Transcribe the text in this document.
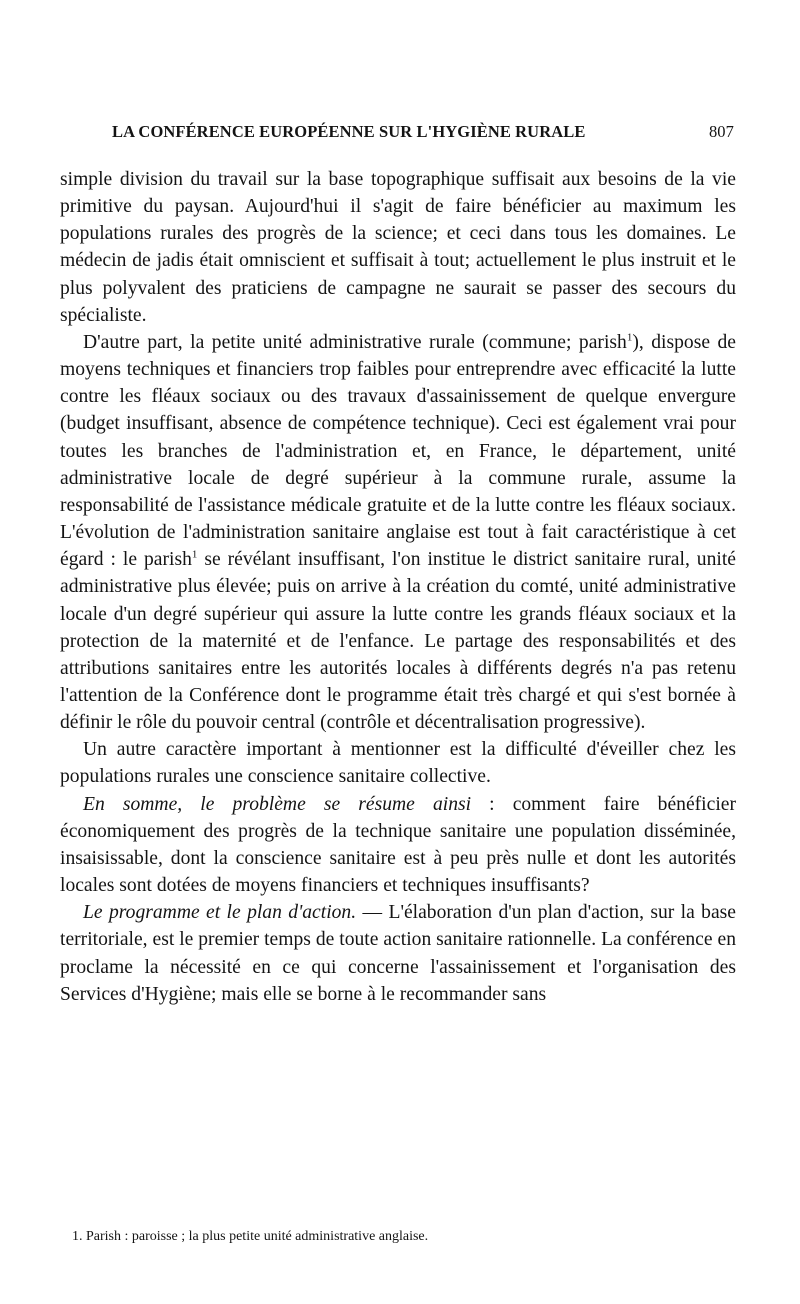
LA CONFÉRENCE EUROPÉENNE SUR L'HYGIÈNE RURALE	807

simple division du travail sur la base topographique suffisait aux besoins de la vie primitive du paysan. Aujourd'hui il s'agit de faire bénéficier au maximum les populations rurales des progrès de la science; et ceci dans tous les domaines. Le médecin de jadis était omniscient et suffisait à tout; actuellement le plus instruit et le plus polyvalent des praticiens de campagne ne saurait se passer des secours du spécialiste.

D'autre part, la petite unité administrative rurale (commune; parish$^1$), dispose de moyens techniques et financiers trop faibles pour entreprendre avec efficacité la lutte contre les fléaux sociaux ou des travaux d'assainissement de quelque envergure (budget insuffisant, absence de compétence technique). Ceci est également vrai pour toutes les branches de l'administration et, en France, le département, unité administrative locale de degré supérieur à la commune rurale, assume la responsabilité de l'assistance médicale gratuite et de la lutte contre les fléaux sociaux. L'évolution de l'administration sanitaire anglaise est tout à fait caractéristique à cet égard : le parish$^1$ se révélant insuffisant, l'on institue le district sanitaire rural, unité administrative plus élevée; puis on arrive à la création du comté, unité administrative locale d'un degré supérieur qui assure la lutte contre les grands fléaux sociaux et la protection de la maternité et de l'enfance. Le partage des responsabilités et des attributions sanitaires entre les autorités locales à différents degrés n'a pas retenu l'attention de la Conférence dont le programme était très chargé et qui s'est bornée à définir le rôle du pouvoir central (contrôle et décentralisation progressive).

Un autre caractère important à mentionner est la difficulté d'éveiller chez les populations rurales une conscience sanitaire collective.

En somme, le problème se résume ainsi : comment faire bénéficier économiquement des progrès de la technique sanitaire une population disséminée, insaisissable, dont la conscience sanitaire est à peu près nulle et dont les autorités locales sont dotées de moyens financiers et techniques insuffisants?

Le programme et le plan d'action. — L'élaboration d'un plan d'action, sur la base territoriale, est le premier temps de toute action sanitaire rationnelle. La conférence en proclame la nécessité en ce qui concerne l'assainissement et l'organisation des Services d'Hygiène; mais elle se borne à le recommander sans

1. Parish : paroisse ; la plus petite unité administrative anglaise.
